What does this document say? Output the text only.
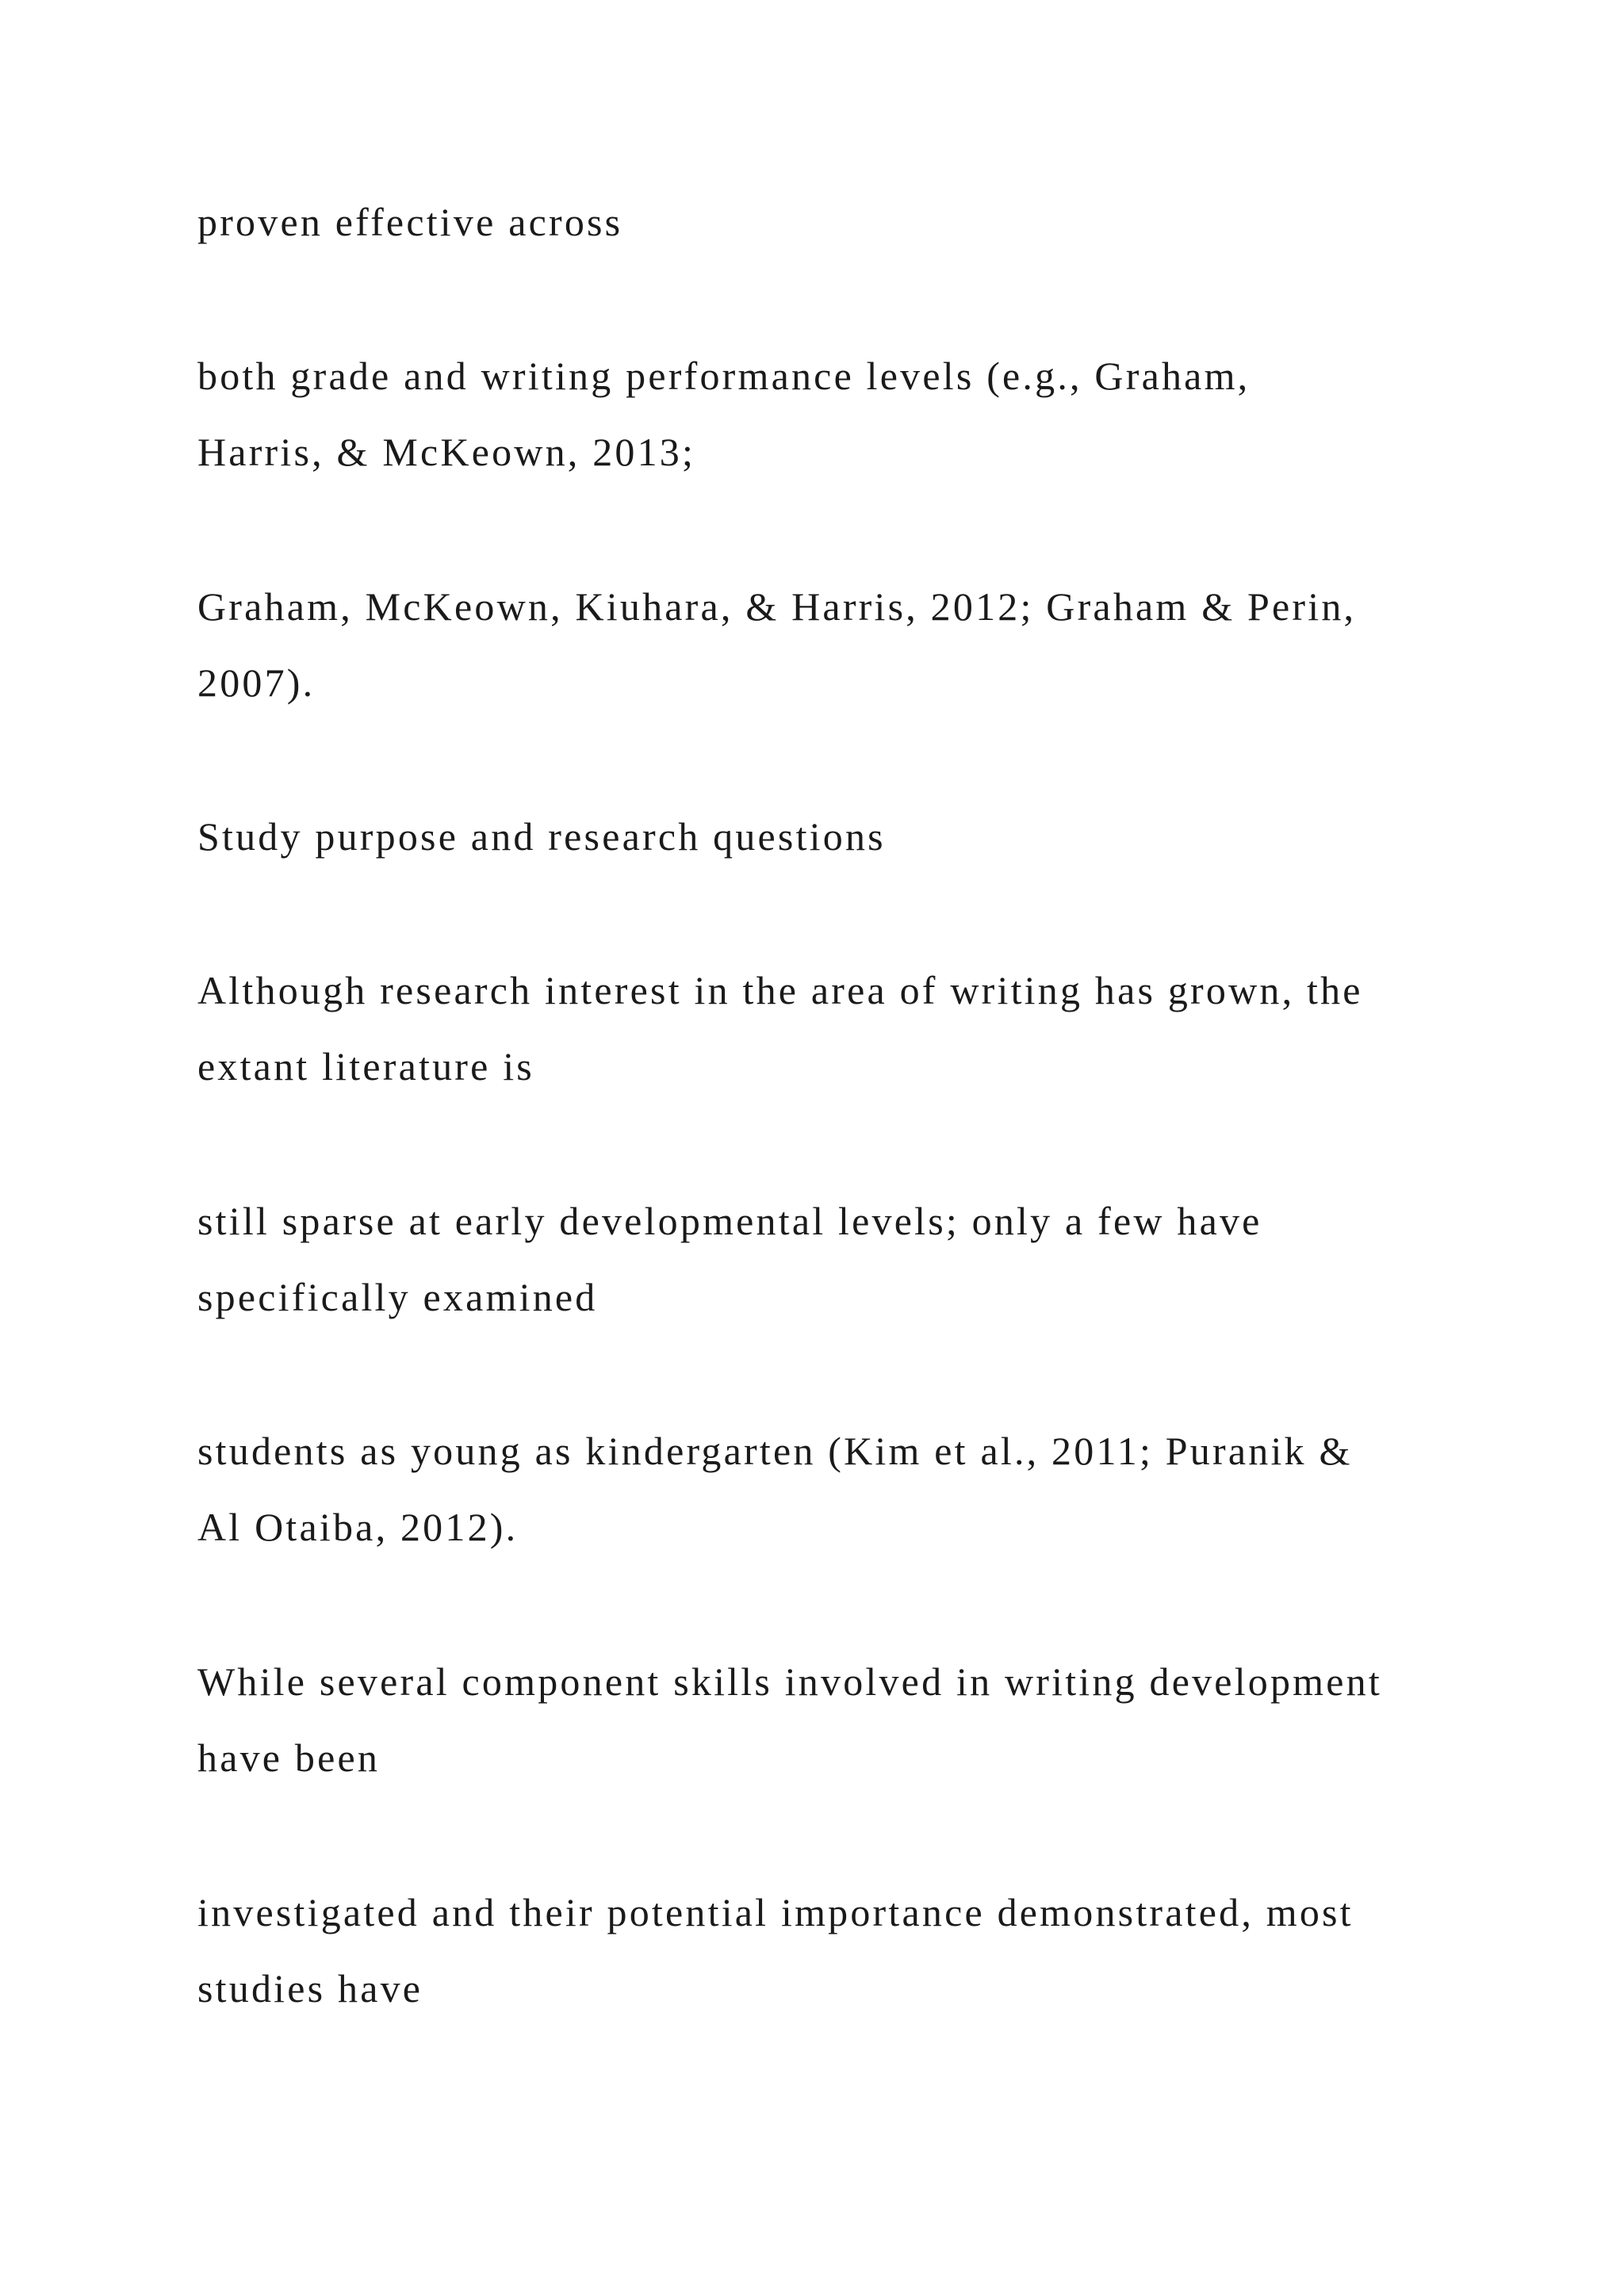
proven effective across

both grade and writing performance levels (e.g., Graham,
Harris, & McKeown, 2013;

Graham, McKeown, Kiuhara, & Harris, 2012; Graham & Perin,
2007).

Study purpose and research questions

Although research interest in the area of writing has grown, the
extant literature is

still sparse at early developmental levels; only a few have
specifically examined

students as young as kindergarten (Kim et al., 2011; Puranik &
Al Otaiba, 2012).

While several component skills involved in writing development
have been

investigated and their potential importance demonstrated, most
studies have
